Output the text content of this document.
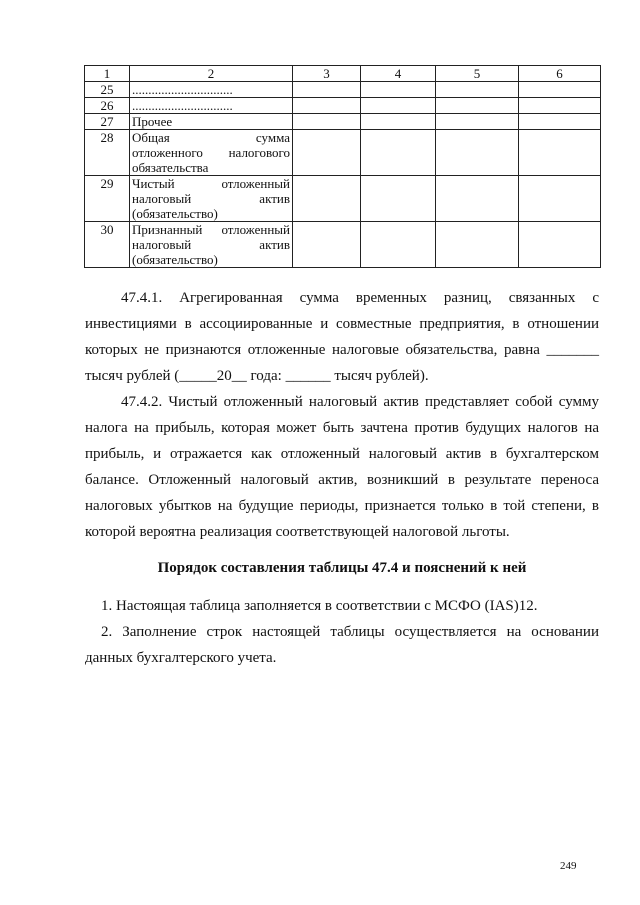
1	2	3	4	5	6
25	...............................				
26	...............................				
27	Прочее				
28	Общая сумма
отложенного налогового
обязательства				

29	Чистый отложенный
налоговый актив
(обязательство)				

30	Признанный отложенный
налоговый актив
(обязательство)				

47.4.1. Агрегированная сумма временных разниц, связанных с
инвестициями в ассоциированные и совместные предприятия, в отношении
которых не признаются отложенные налоговые обязательства, равна _______
тысяч рублей (_____20__ года: ______ тысяч рублей).
47.4.2. Чистый отложенный налоговый актив представляет собой сумму
налога на прибыль, которая может быть зачтена против будущих налогов на
прибыль, и отражается как отложенный налоговый актив в бухгалтерском
балансе. Отложенный налоговый актив, возникший в результате переноса
налоговых убытков на будущие периоды, признается только в той степени, в
которой вероятна реализация соответствующей налоговой льготы.
Порядок составления таблицы 47.4 и пояснений к ней
1. Настоящая таблица заполняется в соответствии с МСФО (IAS)12.
2. Заполнение строк настоящей таблицы осуществляется на основании
данных бухгалтерского учета.
249
